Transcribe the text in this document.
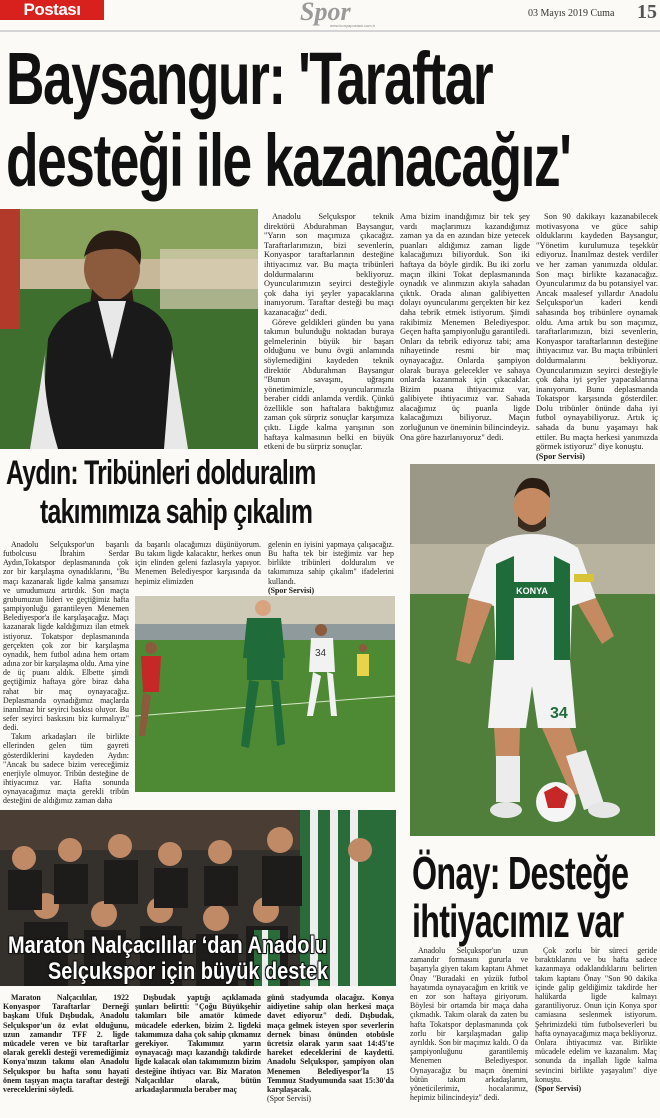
Postası	Spor
www.konyapostasi.com.tr
03 Mayıs 2019 Cuma 15
Baysangur: 'Taraftar
desteği ile kazanacağız'

Anadolu Selçukspor teknik direktörü Abdurahman Baysangur, "Yarın son maçımıza çıkacağız. Taraftarlarımızın, bizi sevenlerin, Konyaspor taraftarlarının desteğine ihtiyacımız var. Bu maçta tribünleri doldurmalarını bekliyoruz. Oyuncularımızın seyirci desteğiyle çok daha iyi şeyler yapacaklarına inanıyorum. Taraftar desteği bu maçı kazanacağız" dedi.

Göreve geldikleri günden bu yana takımın bulunduğu noktadan buraya gelmelerinin büyük bir başarı olduğunu ve bunu övgü anlamında söylemediğini kaydeden teknik direktör Abdurahman Baysangur "Bunun savaşını, uğraşını yönetimimizle, oyuncularımızla beraber ciddi anlamda verdik. Çünkü özellikle son haftalara baktığımız zaman çok sürpriz sonuçlar karşımıza çıktı. Ligde kalma yarışının son haftaya kalmasının belki en büyük etkeni de bu sürpriz sonuçlar.

Ama bizim inandığımız bir tek şey vardı maçlarımızı kazandığımız zaman ya da en azından bize yetecek puanları aldığımız zaman ligde kalacağımızı biliyorduk. Son iki haftaya da böyle girdik. Bu iki zorlu maçın ilkini Tokat deplasmanında oynadık ve alınmızın akıyla sahadan çıktık. Orada alınan galibiyetten dolayı oyuncularımı gerçekten bir kez daha tebrik etmek istiyorum. Şimdi rakibimiz Menemen Belediyespor. Geçen hafta şampiyonluğu garantiledi. Onları da tebrik ediyoruz tabi; ama nihayetinde resmi bir maç oynayacağız. Onlarda şampiyon olarak buraya gelecekler ve sahaya onlarda kazanmak için çıkacaklar. Bizim puana ihtiyacımız var, galibiyete ihtiyacımız var. Sahada alacağımız üç puanla ligde kalacağımızı biliyoruz. Maçın zorluğunun ve öneminin bilincindeyiz. Ona göre hazırlanıyoruz" dedi.

Son 90 dakikayı kazanabilecek motivasyona ve güce sahip olduklarını kaydeden Baysangur, "Yönetim kurulumuza teşekkür ediyoruz. İnanılmaz destek verdiler ve her zaman yanımızda oldular. Son maçı birlikte kazanacağız. Oyuncularımız da bu potansiyel var. Ancak maalesef yıllardır Anadolu Selçukspor'un kaderi kendi sahasında boş tribünlere oynamak oldu. Ama artık bu son maçımız, taraftarlarımızın, bizi sevenlerin, Konyaspor taraftarlarının desteğine ihtiyacımız var. Bu maçta tribünleri doldurmalarını bekliyoruz. Oyuncularımızın seyirci desteğiyle çok daha iyi şeyler yapacaklarına inanıyorum. Bunu deplasmanda Tokatspor karşısında gösterdiler. Dolu tribünler önünde daha iyi futbol oynayabiliyoruz. Artık iç sahada da bunu yaşamayı hak ettiler. Bu maçta herkesi yanımızda görmek istiyoruz" diye konuştu.

(Spor Servisi)
Aydın: Tribünleri dolduralım
takımımıza sahip çıkalım

Anadolu Selçukspor'un başarılı futbolcusu İbrahim Serdar Aydın,Tokatspor deplasmanında çok zor bir karşılaşma oynadıklarını, "Bu maçı kazanarak ligde kalma şansımızı ve umudumuzu artırdık. Son maçta grubumuzun lideri ve geçtiğimiz hafta şampiyonluğu garantileyen Menemen Belediyespor'a ile karşılaşacağız. Maçı kazanarak ligde kaldığımızı ilan etmek istiyoruz. Tokatspor deplasmanında gerçekten çok zor bir karşılaşma oynadık, hem futbol adına hem ortam adına zor bir karşılaşma oldu. Ama yine de üç puanı aldık. Elbette şimdi geçtiğimiz haftaya göre biraz daha rahat bir maç oynayacağız. Deplasmanda oynadığımız maçlarda inanılmaz bir seyirci baskısı oluyor. Bu sefer seyirci baskısını biz kurmalıyız" dedi.

Takım arkadaşları ile birlikte ellerinden gelen tüm gayreti gösterdiklerini kaydeden Aydın: "Ancak bu sadece bizim vereceğimiz enerjiyle olmuyor. Tribün desteğine de ihtiyacımız var. Hafta sonunda oynayacağımız maçta gerekli tribün desteğini de aldığımız zaman daha

da başarılı olacağımızı düşünüyorum. Bu takım ligde kalacaktır, herkes onun için elinden geleni fazlasıyla yapıyor. Menemen Belediyespor karşısında da hepimiz elimizden

gelenin en iyisini yapmaya çalışacağız. Bu hafta tek bir isteğimiz var hep birlikte tribünleri dolduralım ve takımımıza sahip çıkalım" ifadelerini kullandı.

(Spor Servisi)
34
KONYA
34
Maraton Nalçacılılar ‘dan Anadolu
Selçukspor için büyük destek

Maraton Nalçacılılar, 1922 Konyaspor Taraftarlar Derneği başkanı Ufuk Dışbudak, Anadolu Selçukspor'un öz evlat olduğunu, uzun zamandır TFF 2. ligde mücadele veren ve biz taraftarlar olarak gerekli desteği veremediğimiz Konya'mızın takımı olan Anadolu Selçukspor bu hafta sonu hayati önem taşıyan maçta taraftar desteği vereceklerini söyledi.

Dışbudak yaptığı açıklamada şunları belirtti: "Çoğu Büyükşehir takımları bile amatör kümede mücadele ederken, bizim 2. ligdeki takımımıza daha çok sahip çıkmamız gerekiyor. Takımımız yarın oynayacağı maçı kazandığı takdirde ligde kalacak olan takımımızın bizim desteğine ihtiyacı var. Biz Maraton Nalçacılılar olarak, bütün arkadaşlarımızla beraber maç

günü stadyumda olacağız. Konya aidiyetine sahip olan herkesi maça davet ediyoruz" dedi. Dışbudak, maça gelmek isteyen spor severlerin dernek binası önünden otobüsle ücretsiz olarak yarın saat 14:45'te hareket edeceklerini de kaydetti. Anadolu Selçukspor, şampiyon olan Menemen Belediyespor'la 15 Temmuz Stadyumunda saat 15:30'da karşılaşacak.

(Spor Servisi)
Önay: Desteğe
ihtiyacımız var

Anadolu Selçukspor'un uzun zamandır formasını gururla ve başarıyla giyen takım kaptanı Ahmet Önay "Buradaki en yüzük futbol hayatımda oynayacağım en kritik ve en zor son haftaya giriyorum. Böylesi bir ortamda bir maça daha çıkmadık. Takım olarak da zaten bu hafta Tokatspor deplasmanında çok zorlu bir karşılaşmadan galip ayrıldık. Son bir maçımız kaldı. O da şampiyonluğunu garantilemiş Menemen Belediyespor. Oynayacağız bu maçın önemini bütün takım arkadaşlarım, yöneticilerimiz, hocalarımız, hepimiz bilincindeyiz" dedi.

Çok zorlu bir süreci geride bıraktıklarını ve bu hafta sadece kazanmaya odaklandıklarını belirten takım kaptanı Önay "Son 90 dakika içinde galip geldiğimiz takdirde her halükarda ligde kalmayı garantiliyoruz. Onun için Konya spor camiasına seslenmek istiyorum. Şehrimizdeki tüm futbolseverleri bu hafta oynayacağımız maça bekliyoruz. Onlara ihtiyacımız var. Birlikte mücadele edelim ve kazanalım. Maç sonunda da inşallah ligde kalma sevincini birlikte yaşayalım" diye konuştu.

(Spor Servisi)
